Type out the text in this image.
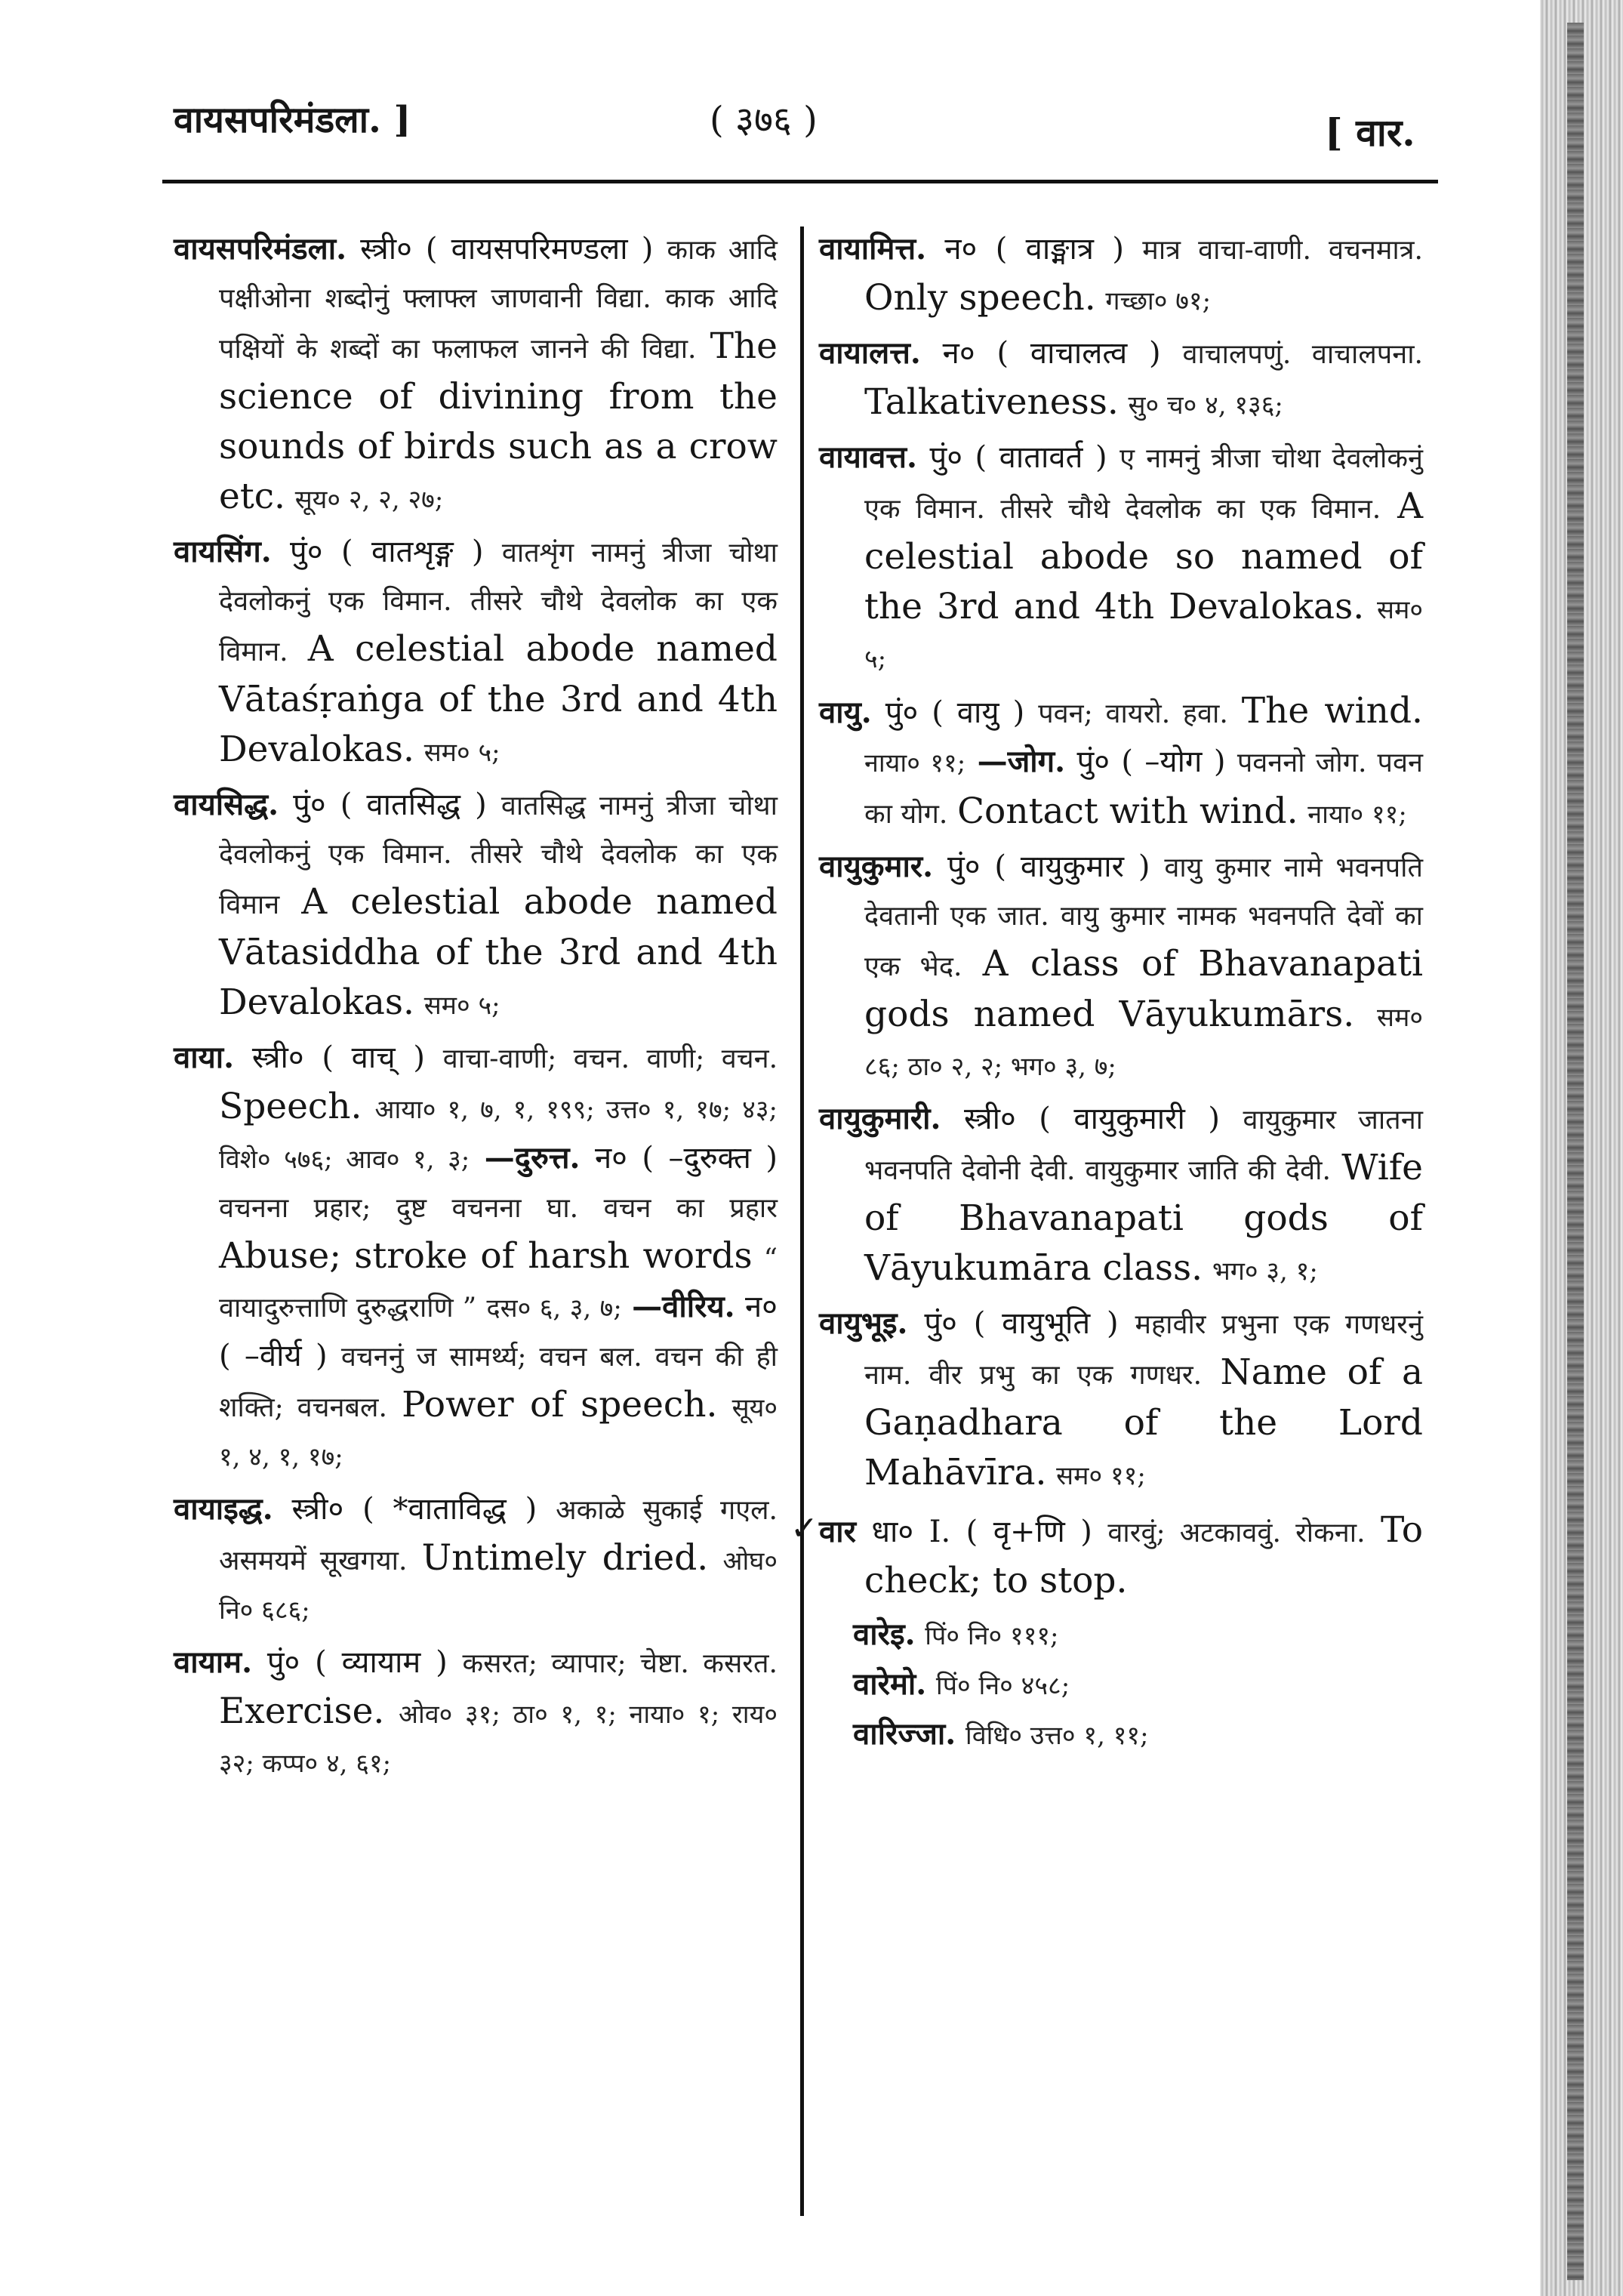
वायसपरिमंडला. ]	( ३७६ )	[ वार.

वायसपरिमंडला. स्त्री० ( वायसपरिमण्डला ) काक आदि पक्षीओना शब्दोनुं फ्लाफ्ल जाणवानी विद्या. काक आदि पक्षियों के शब्दों का फलाफल जानने की विद्या. The science of divining from the sounds of birds such as a crow etc. सूय० २, २, २७;

वायसिंग. पुं० ( वातशृङ्ग ) वातशृंग नामनुं त्रीजा चोथा देवलोकनुं एक विमान. तीसरे चौथे देवलोक का एक विमान. A celestial abode named Vātaśṛaṅga of the 3rd and 4th Devalokas. सम० ५;

वायसिद्ध. पुं० ( वातसिद्ध ) वातसिद्ध नामनुं त्रीजा चोथा देवलोकनुं एक विमान. तीसरे चौथे देवलोक का एक विमान A celestial abode named Vātasiddha of the 3rd and 4th Devalokas. सम० ५;

वाया. स्त्री० ( वाच् ) वाचा-वाणी; वचन. वाणी; वचन. Speech. आया० १, ७, १, १९९; उत्त० १, १७; ४३; विशे० ५७६; आव० १, ३; —दुरुत्त. न० ( –दुरुक्त ) वचनना प्रहार; दुष्ट वचनना घा. वचन का प्रहार Abuse; stroke of harsh words “ वायादुरुत्ताणि दुरुद्धराणि ” दस० ६, ३, ७; —वीरिय. न० ( –वीर्य ) वचननुं ज सामर्थ्य; वचन बल. वचन की ही शक्ति; वचनबल. Power of speech. सूय० १, ४, १, १७;

वायाइद्ध. स्त्री० ( *वाताविद्ध ) अकाळे सुकाई गएल. असमयमें सूखगया. Untimely dried. ओघ० नि० ६८६;

वायाम. पुं० ( व्यायाम ) कसरत; व्यापार; चेष्टा. कसरत. Exercise. ओव० ३१; ठा० १, १; नाया० १; राय० ३२; कप्प० ४, ६१;

वायामित्त. न० ( वाङ्मात्र ) मात्र वाचा-वाणी. वचनमात्र. Only speech. गच्छा० ७१;

वायालत्त. न० ( वाचालत्व ) वाचालपणुं. वाचालपना. Talkativeness. सु० च० ४, १३६;

वायावत्त. पुं० ( वातावर्त ) ए नामनुं त्रीजा चोथा देवलोकनुं एक विमान. तीसरे चौथे देवलोक का एक विमान. A celestial abode so named of the 3rd and 4th Devalokas. सम० ५;

वायु. पुं० ( वायु ) पवन; वायरो. हवा. The wind. नाया० ११; —जोग. पुं० ( –योग ) पवननो जोग. पवन का योग. Contact with wind. नाया० ११;

वायुकुमार. पुं० ( वायुकुमार ) वायु कुमार नामे भवनपति देवतानी एक जात. वायु कुमार नामक भवनपति देवों का एक भेद. A class of Bhavanapati gods named Vāyukumārs. सम० ८६; ठा० २, २; भग० ३, ७;

वायुकुमारी. स्त्री० ( वायुकुमारी ) वायुकुमार जातना भवनपति देवोनी देवी. वायुकुमार जाति की देवी. Wife of Bhavanapati gods of Vāyukumāra class. भग० ३, १;

वायुभूइ. पुं० ( वायुभूति ) महावीर प्रभुना एक गणधरनुं नाम. वीर प्रभु का एक गणधर. Name of a Gaṇadhara of the Lord Mahāvīra. सम० ११;

✓ वार धा० I. ( वृ+णि ) वारवुं; अटकाववुं. रोकना. To check; to stop.

वारेइ. पिं० नि० १११;
वारेमो. पिं० नि० ४५८;
वारिज्जा. विधि० उत्त० १, ११;
